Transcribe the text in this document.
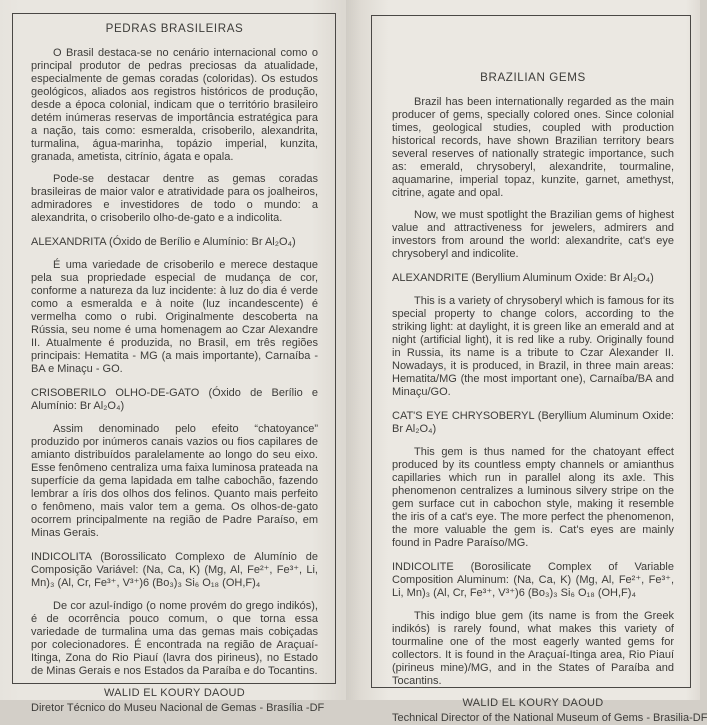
PEDRAS BRASILEIRAS

O Brasil destaca-se no cenário internacional como o principal produtor de pedras preciosas da atualidade, especialmente de gemas coradas (coloridas). Os estudos geológicos, aliados aos registros históricos de produção, desde a época colonial, indicam que o território brasileiro detém inúmeras reservas de importância estratégica para a nação, tais como: esmeralda, crisoberilo, alexandrita, turmalina, água-marinha, topázio imperial, kunzita, granada, ametista, citrínio, ágata e opala.

Pode-se destacar dentre as gemas coradas brasileiras de maior valor e atratividade para os joalheiros, admiradores e investidores de todo o mundo: a alexandrita, o crisoberilo olho-de-gato e a indicolita.

ALEXANDRITA (Óxido de Berílio e Alumínio: Br Al₂O₄)

É uma variedade de crisoberilo e merece destaque pela sua propriedade especial de mudança de cor, conforme a natureza da luz incidente: à luz do dia é verde como a esmeralda e à noite (luz incandescente) é vermelha como o rubi. Originalmente descoberta na Rússia, seu nome é uma homenagem ao Czar Alexandre II. Atualmente é produzida, no Brasil, em três regiões principais: Hematita - MG (a mais importante), Carnaíba - BA e Minaçu - GO.

CRISOBERILO OLHO-DE-GATO (Óxido de Berílio e Alumínio: Br Al₂O₄)

Assim denominado pelo efeito “chatoyance” produzido por inúmeros canais vazios ou fios capilares de amianto distribuídos paralelamente ao longo do seu eixo. Esse fenômeno centraliza uma faixa luminosa prateada na superfície da gema lapidada em talhe cabochão, fazendo lembrar a íris dos olhos dos felinos. Quanto mais perfeito o fenômeno, mais valor tem a gema. Os olhos-de-gato ocorrem principalmente na região de Padre Paraíso, em Minas Gerais.

INDICOLITA (Borossilicato Complexo de Alumínio de Composição Variável: (Na, Ca, K) (Mg, Al, Fe²⁺, Fe³⁺, Li, Mn)₃ (Al, Cr, Fe³⁺, V³⁺)6 (Bo₃)₃ Si₆ O₁₈ (OH,F)₄

De cor azul-índigo (o nome provém do grego indikós), é de ocorrência pouco comum, o que torna essa variedade de turmalina uma das gemas mais cobiçadas por colecionadores. É encontrada na região de Araçuaí-Itinga, Zona do Rio Piauí (lavra dos pirineus), no Estado de Minas Gerais e nos Estados da Paraíba e do Tocantins.

WALID EL KOURY DAOUD

Diretor Técnico do Museu Nacional de Gemas - Brasília -DF

BRAZILIAN GEMS

Brazil has been internationally regarded as the main producer of gems, specially colored ones. Since colonial times, geological studies, coupled with production historical records, have shown Brazilian territory bears several reserves of nationally strategic importance, such as: emerald, chrysoberyl, alexandrite, tourmaline, aquamarine, imperial topaz, kunzite, garnet, amethyst, citrine, agate and opal.

Now, we must spotlight the Brazilian gems of highest value and attractiveness for jewelers, admirers and investors from around the world: alexandrite, cat's eye chrysoberyl and indicolite.

ALEXANDRITE (Beryllium Aluminum Oxide: Br Al₂O₄)

This is a variety of chrysoberyl which is famous for its special property to change colors, according to the striking light: at daylight, it is green like an emerald and at night (artificial light), it is red like a ruby. Originally found in Russia, its name is a tribute to Czar Alexander II. Nowadays, it is produced, in Brazil, in three main areas: Hematita/MG (the most important one), Carnaíba/BA and Minaçu/GO.

CAT'S EYE CHRYSOBERYL (Beryllium Aluminum Oxide: Br Al₂O₄)

This gem is thus named for the chatoyant effect produced by its countless empty channels or amianthus capillaries which run in parallel along its axle. This phenomenon centralizes a luminous silvery stripe on the gem surface cut in cabochon style, making it resemble the iris of a cat's eye. The more perfect the phenomenon, the more valuable the gem is. Cat's eyes are mainly found in Padre Paraíso/MG.

INDICOLITE (Borosilicate Complex of Variable Composition Aluminum: (Na, Ca, K) (Mg, Al, Fe²⁺, Fe³⁺, Li, Mn)₃ (Al, Cr, Fe³⁺, V³⁺)6 (Bo₃)₃ Si₆ O₁₈ (OH,F)₄

This indigo blue gem (its name is from the Greek indikós) is rarely found, what makes this variety of tourmaline one of the most eagerly wanted gems for collectors. It is found in the Araçuaí-Itinga area, Rio Piauí (pirineus mine)/MG, and in the States of Paraíba and Tocantins.

WALID EL KOURY DAOUD

Technical Director of the National Museum of Gems - Brasilia-DF
